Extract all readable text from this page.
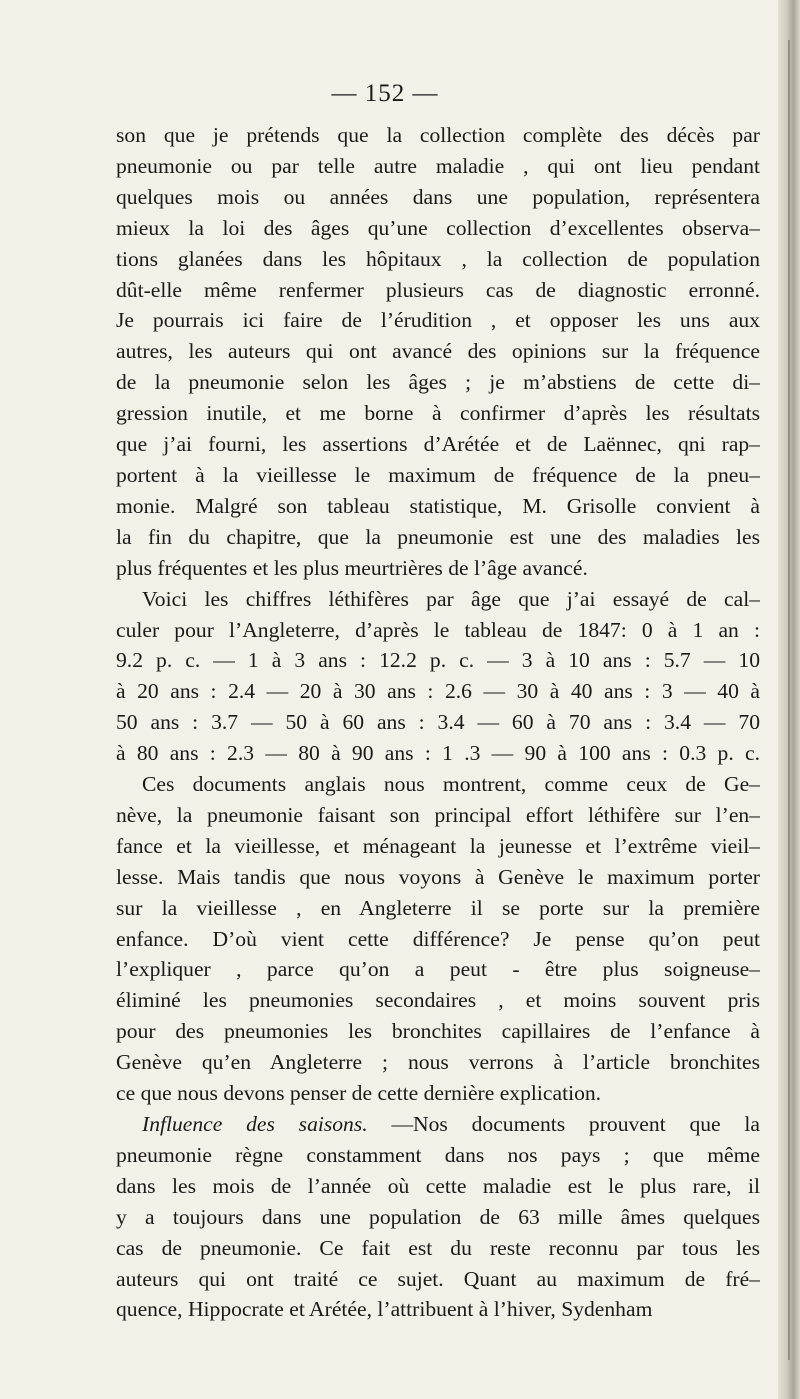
— 152 —

son que je prétends que la collection complète des décès par
pneumonie ou par telle autre maladie , qui ont lieu pendant
quelques mois ou années dans une population, représentera
mieux la loi des âges qu’une collection d’excellentes observa–
tions glanées dans les hôpitaux , la collection de population
dût-elle même renfermer plusieurs cas de diagnostic erronné.
Je pourrais ici faire de l’érudition , et opposer les uns aux
autres, les auteurs qui ont avancé des opinions sur la fréquence
de la pneumonie selon les âges ; je m’abstiens de cette di–
gression inutile, et me borne à confirmer d’après les résultats
que j’ai fourni, les assertions d’Arétée et de Laënnec, qni rap–
portent à la vieillesse le maximum de fréquence de la pneu–
monie. Malgré son tableau statistique, M. Grisolle convient à
la fin du chapitre, que la pneumonie est une des maladies les
plus fréquentes et les plus meurtrières de l’âge avancé.

Voici les chiffres léthifères par âge que j’ai essayé de cal–
culer pour l’Angleterre, d’après le tableau de 1847: 0 à 1 an :
9.2 p. c. — 1 à 3 ans : 12.2 p. c. — 3 à 10 ans : 5.7 — 10
à 20 ans : 2.4 — 20 à 30 ans : 2.6 — 30 à 40 ans : 3 — 40 à
50 ans : 3.7 — 50 à 60 ans : 3.4 — 60 à 70 ans : 3.4 — 70
à 80 ans : 2.3 — 80 à 90 ans : 1 .3 — 90 à 100 ans : 0.3 p. c.

Ces documents anglais nous montrent, comme ceux de Ge–
nève, la pneumonie faisant son principal effort léthifère sur l’en–
fance et la vieillesse, et ménageant la jeunesse et l’extrême vieil–
lesse. Mais tandis que nous voyons à Genève le maximum porter
sur la vieillesse , en Angleterre il se porte sur la première
enfance. D’où vient cette différence? Je pense qu’on peut
l’expliquer , parce qu’on a peut - être plus soigneuse–
éliminé les pneumonies secondaires , et moins souvent pris
pour des pneumonies les bronchites capillaires de l’enfance à
Genève qu’en Angleterre ; nous verrons à l’article bronchites
ce que nous devons penser de cette dernière explication.

Influence des saisons. —Nos documents prouvent que la
pneumonie règne constamment dans nos pays ; que même
dans les mois de l’année où cette maladie est le plus rare, il
y a toujours dans une population de 63 mille âmes quelques
cas de pneumonie. Ce fait est du reste reconnu par tous les
auteurs qui ont traité ce sujet. Quant au maximum de fré–
quence, Hippocrate et Arétée, l’attribuent à l’hiver, Sydenham
